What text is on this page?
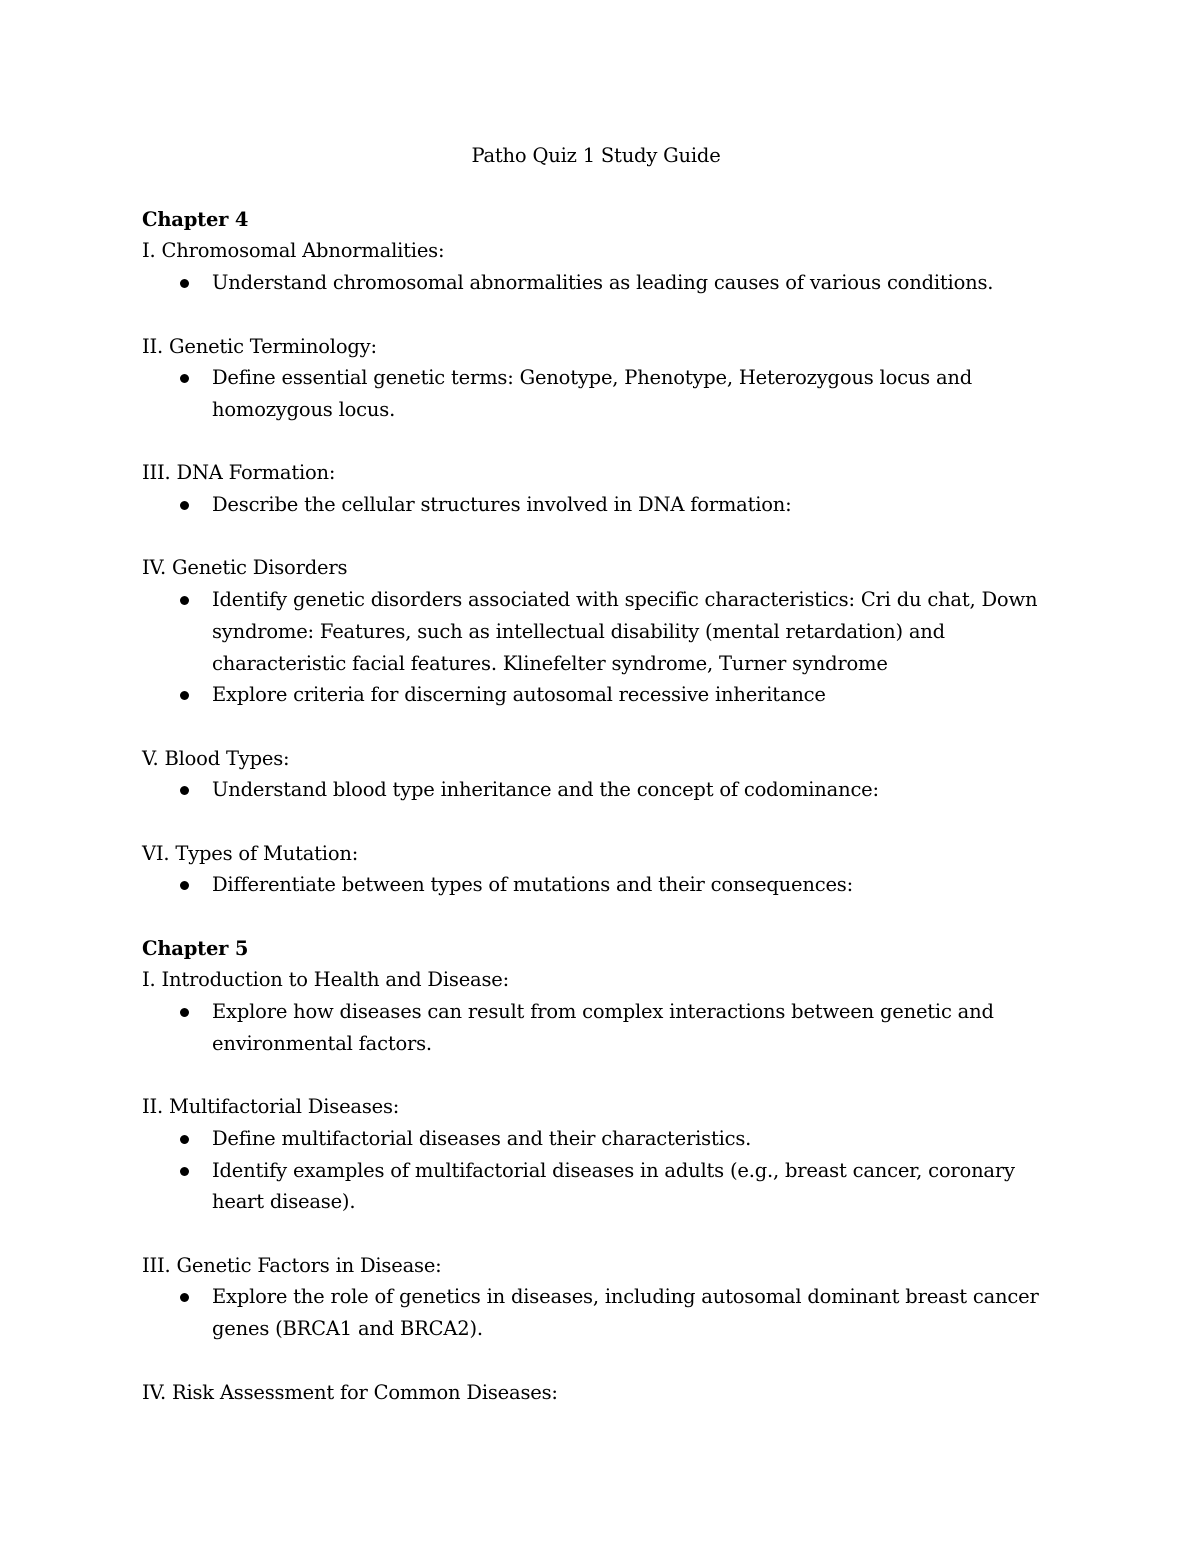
Patho Quiz 1 Study Guide
Chapter 4
I. Chromosomal Abnormalities:
Understand chromosomal abnormalities as leading causes of various conditions.
II. Genetic Terminology:
Define essential genetic terms: Genotype, Phenotype, Heterozygous locus and homozygous locus.
III. DNA Formation:
Describe the cellular structures involved in DNA formation:
IV. Genetic Disorders
Identify genetic disorders associated with specific characteristics: Cri du chat, Down syndrome: Features, such as intellectual disability (mental retardation) and characteristic facial features. Klinefelter syndrome, Turner syndrome
Explore criteria for discerning autosomal recessive inheritance
V. Blood Types:
Understand blood type inheritance and the concept of codominance:
VI. Types of Mutation:
Differentiate between types of mutations and their consequences:
Chapter 5
I. Introduction to Health and Disease:
Explore how diseases can result from complex interactions between genetic and environmental factors.
II. Multifactorial Diseases:
Define multifactorial diseases and their characteristics.
Identify examples of multifactorial diseases in adults (e.g., breast cancer, coronary heart disease).
III. Genetic Factors in Disease:
Explore the role of genetics in diseases, including autosomal dominant breast cancer genes (BRCA1 and BRCA2).
IV. Risk Assessment for Common Diseases:
